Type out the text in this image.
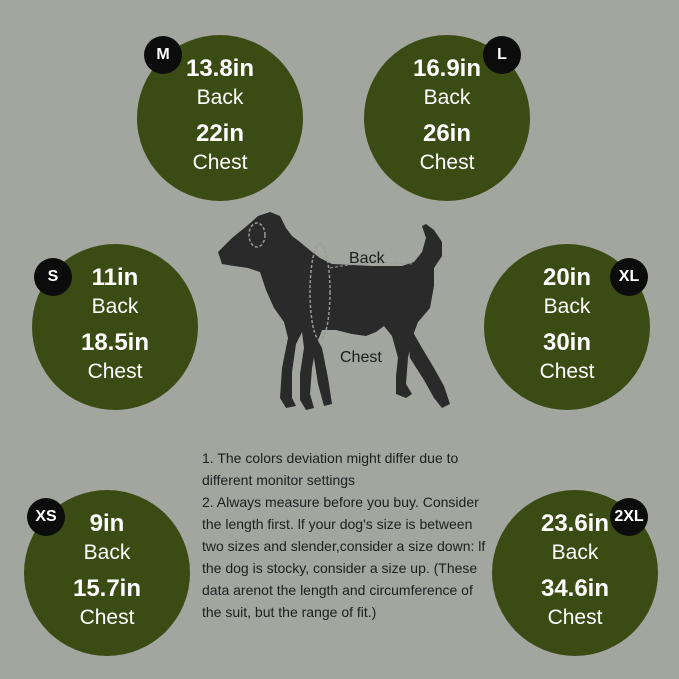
13.8in
Back
22in
Chest
16.9in
Back
26in
Chest
11in
Back
18.5in
Chest
20in
Back
30in
Chest
9in
Back
15.7in
Chest
23.6in
Back
34.6in
Chest
M	L
S	XL
XS	2XL
Back
Chest

1. The colors deviation might differ due to different monitor settings

2. Always measure before you buy. Consider the length first. lf your dog's size is between two sizes and slender,consider a size down: lf the dog is stocky, consider a size up. (These data arenot the length and circumference of the suit, but the range of fit.)
